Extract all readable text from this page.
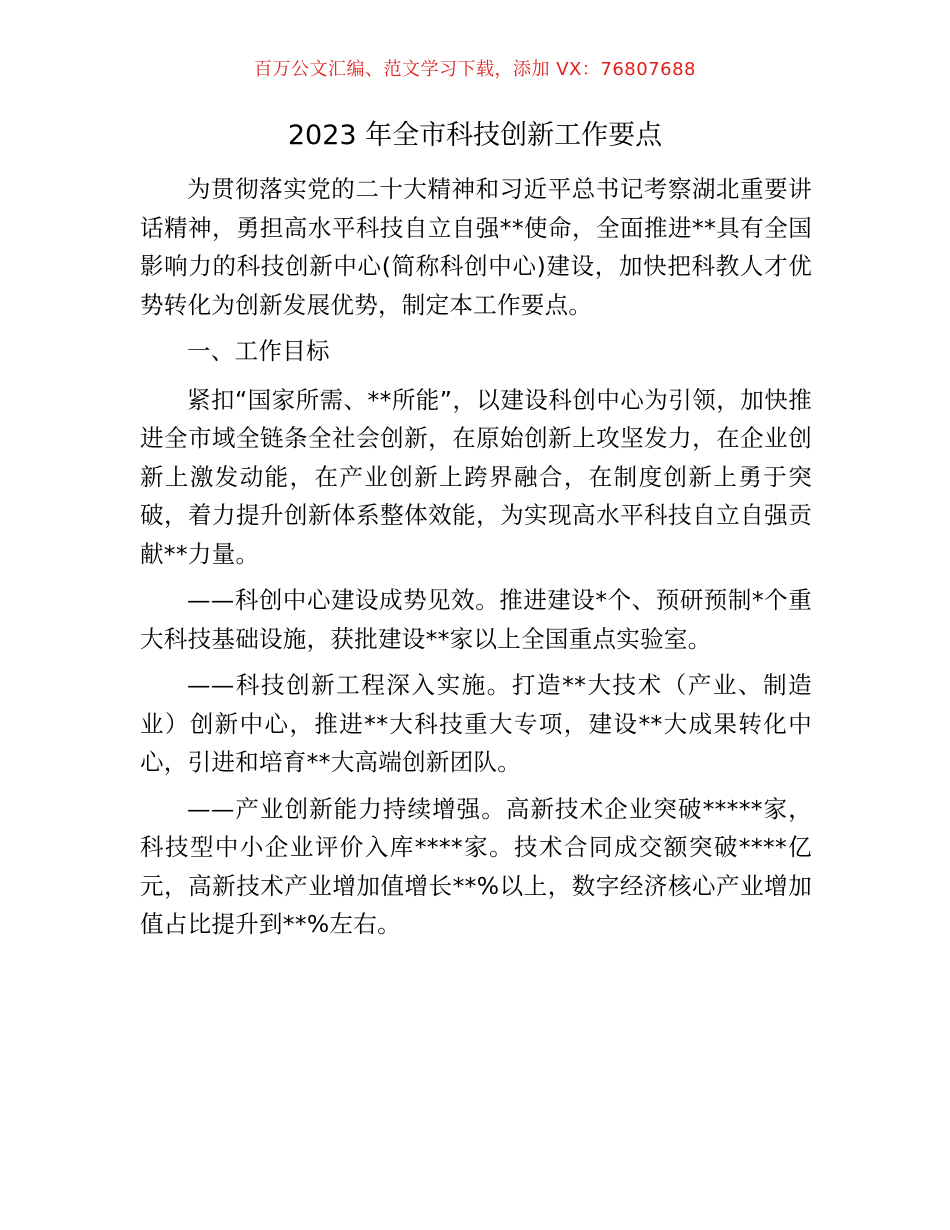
百万公文汇编、范文学习下载，添加 VX：76807688
2023 年全市科技创新工作要点

为贯彻落实党的二十大精神和习近平总书记考察湖北重要讲话精神，勇担高水平科技自立自强**使命，全面推进**具有全国影响力的科技创新中心(简称科创中心)建设，加快把科教人才优势转化为创新发展优势，制定本工作要点。

一、工作目标

紧扣“国家所需、**所能”，以建设科创中心为引领，加快推进全市域全链条全社会创新，在原始创新上攻坚发力，在企业创新上激发动能，在产业创新上跨界融合，在制度创新上勇于突破，着力提升创新体系整体效能，为实现高水平科技自立自强贡献**力量。

——科创中心建设成势见效。推进建设*个、预研预制*个重大科技基础设施，获批建设**家以上全国重点实验室。

——科技创新工程深入实施。打造**大技术（产业、制造业）创新中心，推进**大科技重大专项，建设**大成果转化中心，引进和培育**大高端创新团队。

——产业创新能力持续增强。高新技术企业突破*****家，科技型中小企业评价入库****家。技术合同成交额突破****亿元，高新技术产业增加值增长**%以上，数字经济核心产业增加值占比提升到**%左右。
